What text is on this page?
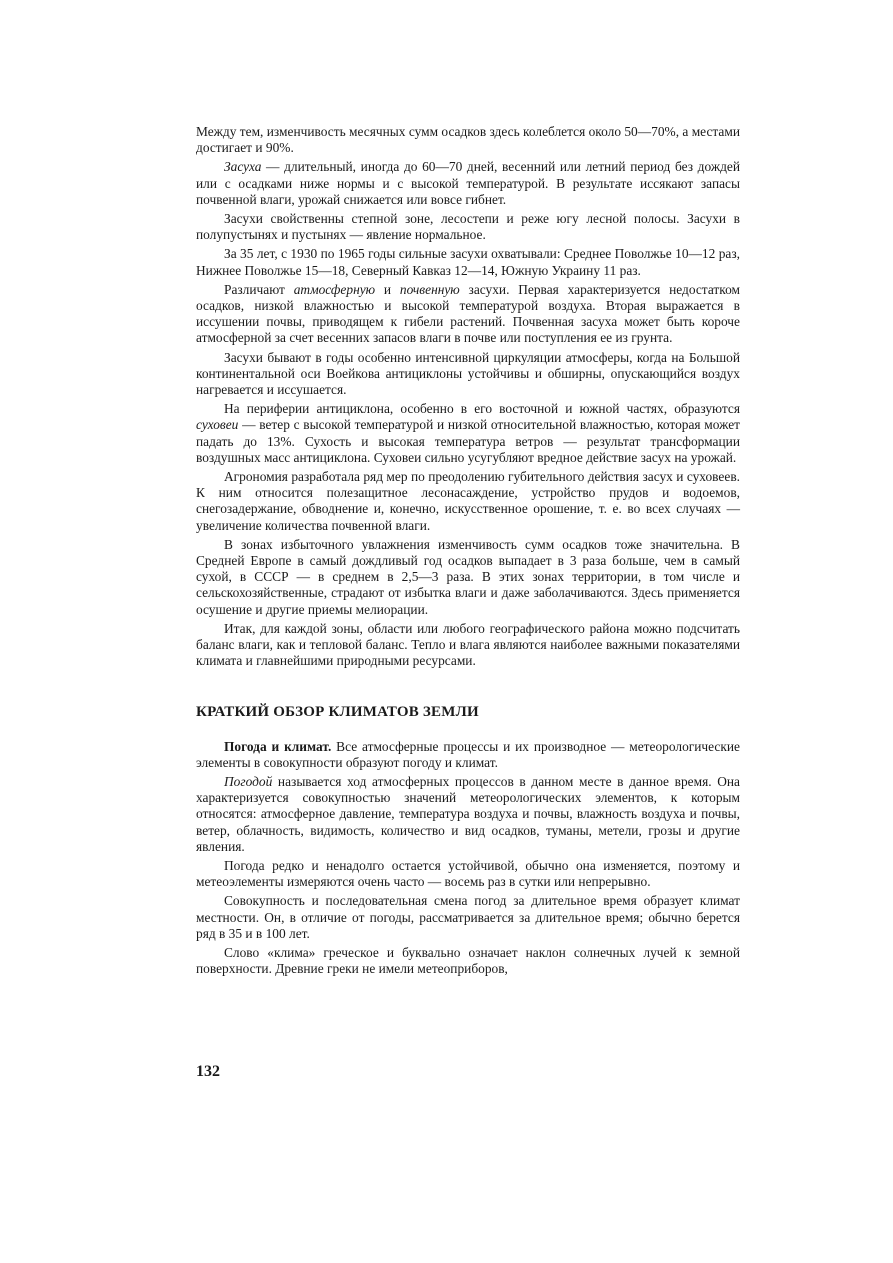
Между тем, изменчивость месячных сумм осадков здесь колеблется около 50—70%, а местами достигает и 90%.

Засуха — длительный, иногда до 60—70 дней, весенний или летний период без дождей или с осадками ниже нормы и с высокой температурой. В результате иссякают запасы почвенной влаги, урожай снижается или вовсе гибнет.

Засухи свойственны степной зоне, лесостепи и реже югу лесной полосы. Засухи в полупустынях и пустынях — явление нормальное.

За 35 лет, с 1930 по 1965 годы сильные засухи охватывали: Среднее Поволжье 10—12 раз, Нижнее Поволжье 15—18, Северный Кавказ 12—14, Южную Украину 11 раз.

Различают атмосферную и почвенную засухи. Первая характеризуется недостатком осадков, низкой влажностью и высокой температурой воздуха. Вторая выражается в иссушении почвы, приводящем к гибели растений. Почвенная засуха может быть короче атмосферной за счет весенних запасов влаги в почве или поступления ее из грунта.

Засухи бывают в годы особенно интенсивной циркуляции атмосферы, когда на Большой континентальной оси Воейкова антициклоны устойчивы и обширны, опускающийся воздух нагревается и иссушается.

На периферии антициклона, особенно в его восточной и южной частях, образуются суховеи — ветер с высокой температурой и низкой относительной влажностью, которая может падать до 13%. Сухость и высокая температура ветров — результат трансформации воздушных масс антициклона. Суховеи сильно усугубляют вредное действие засух на урожай.

Агрономия разработала ряд мер по преодолению губительного действия засух и суховеев. К ним относится полезащитное лесонасаждение, устройство прудов и водоемов, снегозадержание, обводнение и, конечно, искусственное орошение, т. е. во всех случаях — увеличение количества почвенной влаги.

В зонах избыточного увлажнения изменчивость сумм осадков тоже значительна. В Средней Европе в самый дождливый год осадков выпадает в 3 раза больше, чем в самый сухой, в СССР — в среднем в 2,5—3 раза. В этих зонах территории, в том числе и сельскохозяйственные, страдают от избытка влаги и даже заболачиваются. Здесь применяется осушение и другие приемы мелиорации.

Итак, для каждой зоны, области или любого географического района можно подсчитать баланс влаги, как и тепловой баланс. Тепло и влага являются наиболее важными показателями климата и главнейшими природными ресурсами.

КРАТКИЙ ОБЗОР КЛИМАТОВ ЗЕМЛИ

Погода и климат. Все атмосферные процессы и их производное — метеорологические элементы в совокупности образуют погоду и климат.

Погодой называется ход атмосферных процессов в данном месте в данное время. Она характеризуется совокупностью значений метеорологических элементов, к которым относятся: атмосферное давление, температура воздуха и почвы, влажность воздуха и почвы, ветер, облачность, видимость, количество и вид осадков, туманы, метели, грозы и другие явления.

Погода редко и ненадолго остается устойчивой, обычно она изменяется, поэтому и метеоэлементы измеряются очень часто — восемь раз в сутки или непрерывно.

Совокупность и последовательная смена погод за длительное время образует климат местности. Он, в отличие от погоды, рассматривается за длительное время; обычно берется ряд в 35 и в 100 лет.

Слово «клима» греческое и буквально означает наклон солнечных лучей к земной поверхности. Древние греки не имели метеоприборов,

132
